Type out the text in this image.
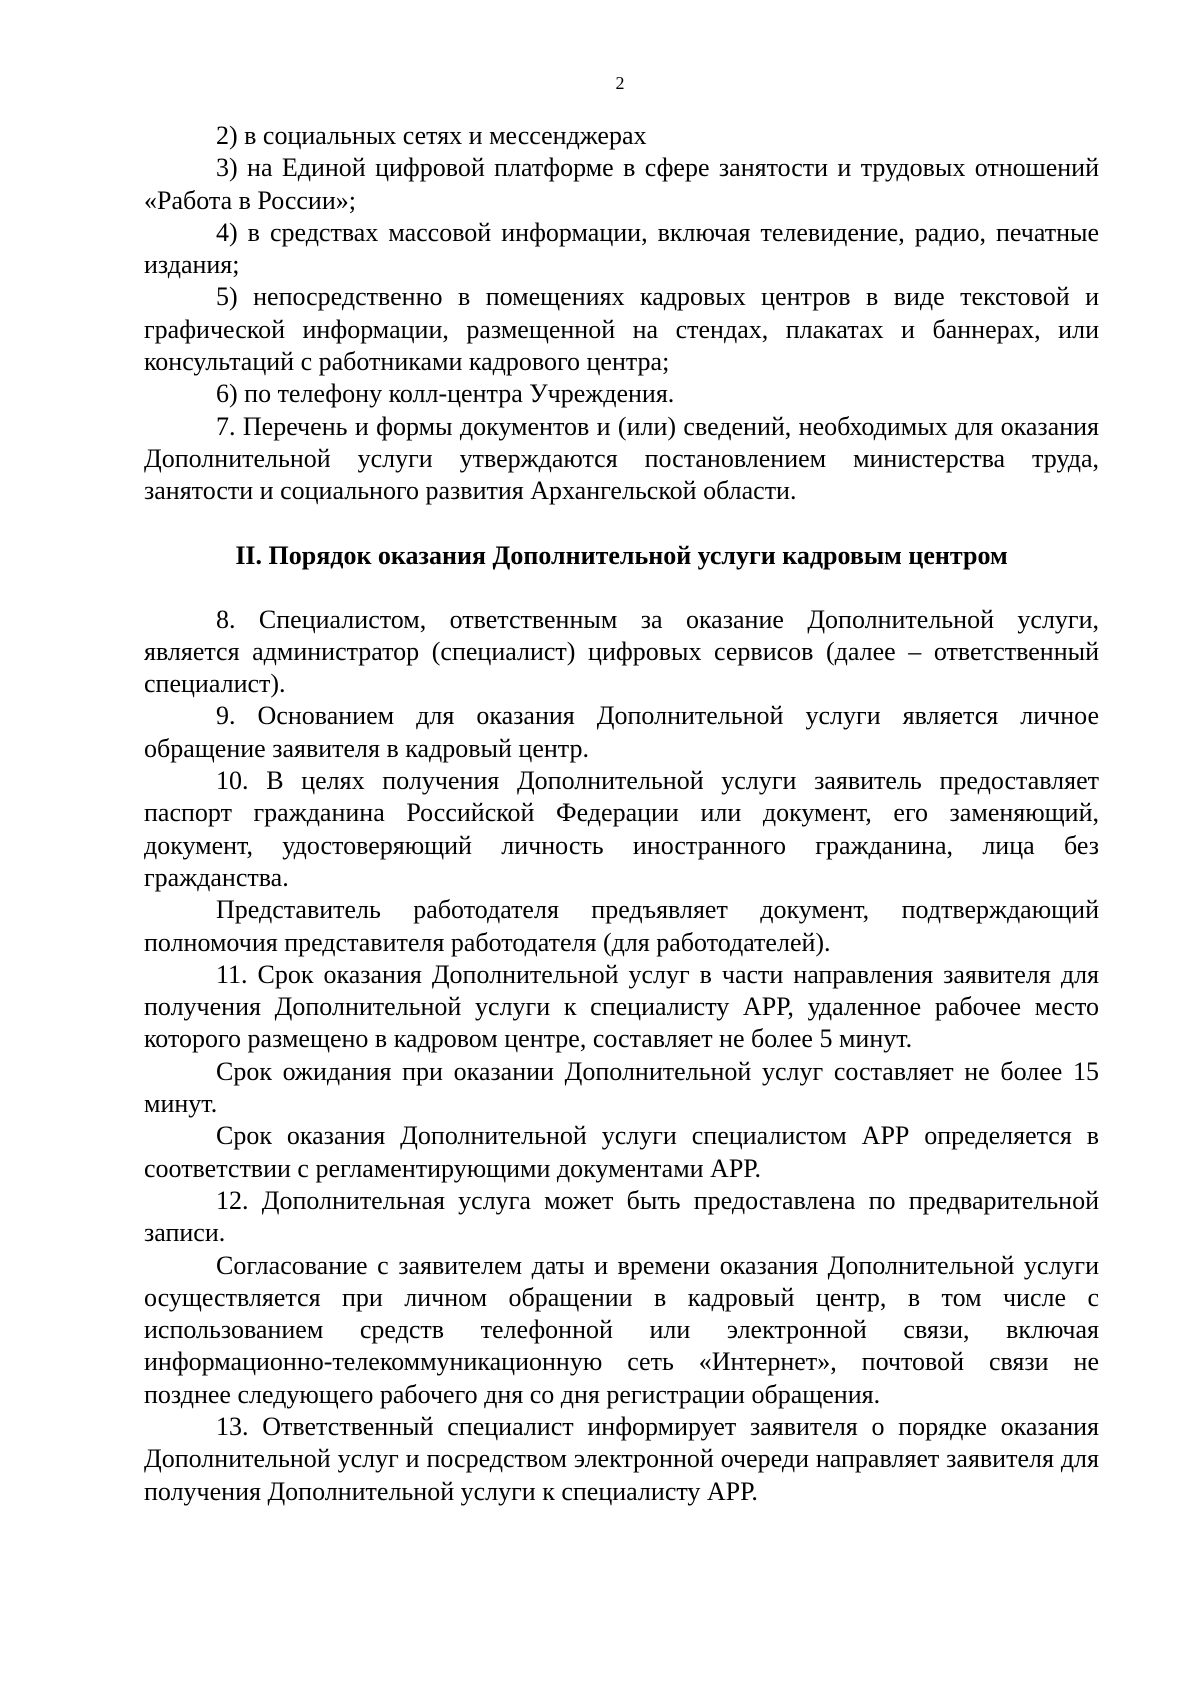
2

2) в социальных сетях и мессенджерах

3) на Единой цифровой платформе в сфере занятости и трудовых отношений «Работа в России»;

4) в средствах массовой информации, включая телевидение, радио, печатные издания;

5) непосредственно в помещениях кадровых центров в виде текстовой и графической информации, размещенной на стендах, плакатах и баннерах, или консультаций с работниками кадрового центра;

6) по телефону колл-центра Учреждения.

7. Перечень и формы документов и (или) сведений, необходимых для оказания Дополнительной услуги утверждаются постановлением министерства труда, занятости и социального развития Архангельской области.

II. Порядок оказания Дополнительной услуги кадровым центром

8. Специалистом, ответственным за оказание Дополнительной услуги, является администратор (специалист) цифровых сервисов (далее – ответственный специалист).

9. Основанием для оказания Дополнительной услуги является личное обращение заявителя в кадровый центр.

10. В целях получения Дополнительной услуги заявитель предоставляет паспорт гражданина Российской Федерации или документ, его заменяющий, документ, удостоверяющий личность иностранного гражданина, лица без гражданства.

Представитель работодателя предъявляет документ, подтверждающий полномочия представителя работодателя (для работодателей).

11. Срок оказания Дополнительной услуг в части направления заявителя для получения Дополнительной услуги к специалисту АРР, удаленное рабочее место которого размещено в кадровом центре, составляет не более 5 минут.

Срок ожидания при оказании Дополнительной услуг составляет не более 15 минут.

Срок оказания Дополнительной услуги специалистом АРР определяется в соответствии с регламентирующими документами АРР.

12. Дополнительная услуга может быть предоставлена по предварительной записи.

Согласование с заявителем даты и времени оказания Дополнительной услуги осуществляется при личном обращении в кадровый центр, в том числе с использованием средств телефонной или электронной связи, включая информационно-телекоммуникационную сеть «Интернет», почтовой связи не позднее следующего рабочего дня со дня регистрации обращения.

13. Ответственный специалист информирует заявителя о порядке оказания Дополнительной услуг и посредством электронной очереди направляет заявителя для получения Дополнительной услуги к специалисту АРР.
